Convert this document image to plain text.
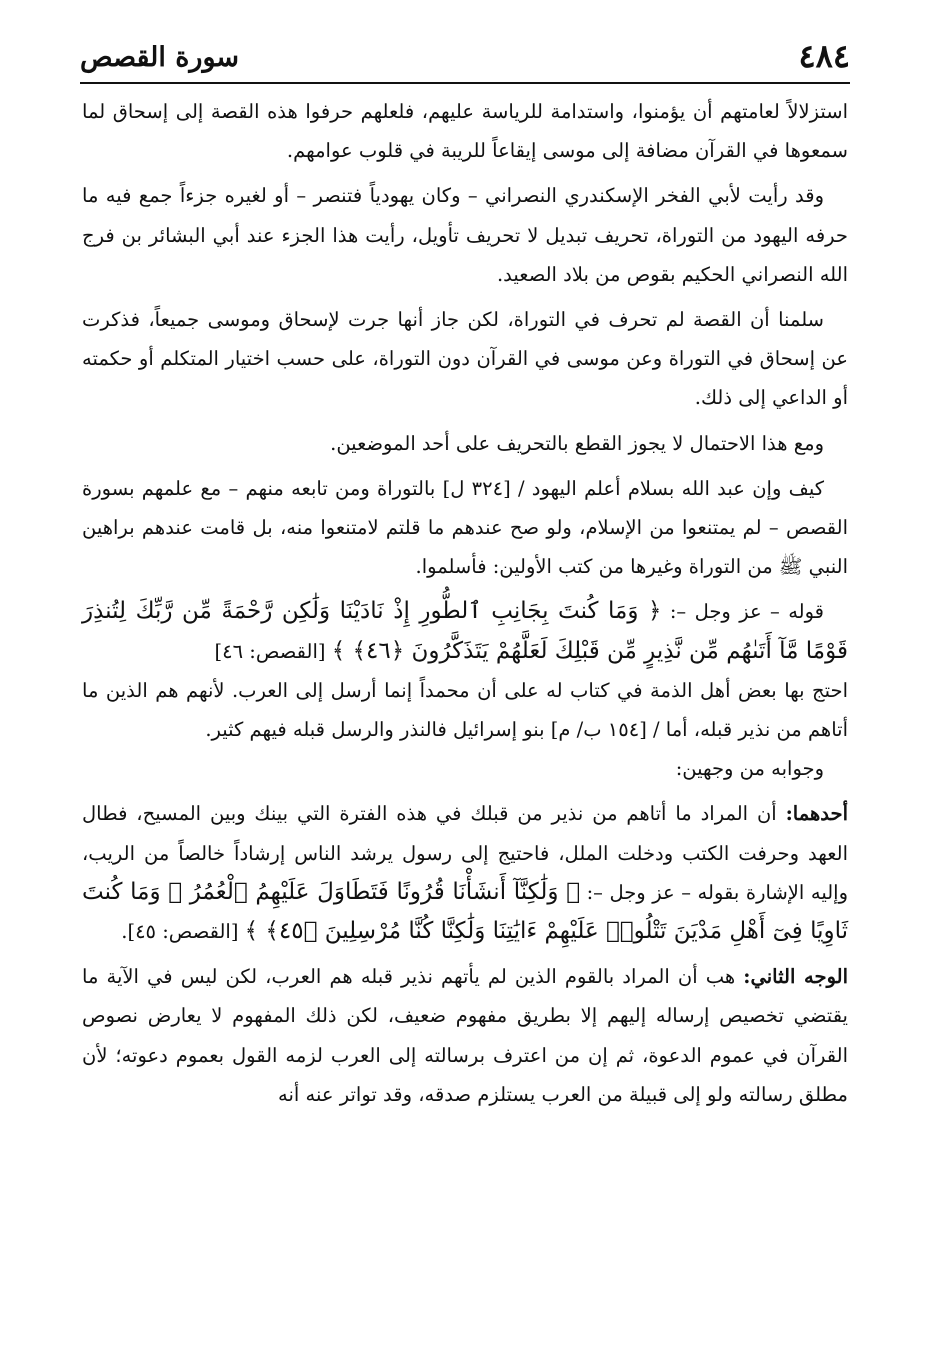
٤٨٤
سورة القصص

استزلالاً لعامتهم أن يؤمنوا، واستدامة للرياسة عليهم، فلعلهم حرفوا هذه القصة إلى إسحاق لما سمعوها في القرآن مضافة إلى موسى إيقاعاً للريبة في قلوب عوامهم.

وقد رأيت لأبي الفخر الإسكندري النصراني – وكان يهودياً فتنصر – أو لغيره جزءاً جمع فيه ما حرفه اليهود من التوراة، تحريف تبديل لا تحريف تأويل، رأيت هذا الجزء عند أبي البشائر بن فرج الله النصراني الحكيم بقوص من بلاد الصعيد.

سلمنا أن القصة لم تحرف في التوراة، لكن جاز أنها جرت لإسحاق وموسى جميعاً، فذكرت عن إسحاق في التوراة وعن موسى في القرآن دون التوراة، على حسب اختيار المتكلم أو حكمته أو الداعي إلى ذلك.

ومع هذا الاحتمال لا يجوز القطع بالتحريف على أحد الموضعين.

كيف وإن عبد الله بسلام أعلم اليهود / [٣٢٤ ل] بالتوراة ومن تابعه منهم – مع علمهم بسورة القصص – لم يمتنعوا من الإسلام، ولو صح عندهم ما قلتم لامتنعوا منه، بل قامت عندهم براهين النبي ﷺ من التوراة وغيرها من كتب الأولين: فأسلموا.

قوله – عز وجل –: ﴿ وَمَا كُنتَ بِجَانِبِ ٱلطُّورِ إِذْ نَادَيْنَا وَلَٰكِن رَّحْمَةً مِّن رَّبِّكَ لِتُنذِرَ قَوْمًا مَّآ أَتَىٰهُم مِّن نَّذِيرٍ مِّن قَبْلِكَ لَعَلَّهُمْ يَتَذَكَّرُونَ ﴿٤٦﴾ ﴾ [القصص: ٤٦]

احتج بها بعض أهل الذمة في كتاب له على أن محمداً إنما أرسل إلى العرب. لأنهم هم الذين ما أتاهم من نذير قبله، أما / [١٥٤ ب/ م] بنو إسرائيل فالنذر والرسل قبله فيهم كثير.

وجوابه من وجهين:

أحدهما: أن المراد ما أتاهم من نذير من قبلك في هذه الفترة التي بينك وبين المسيح، فطال العهد وحرفت الكتب ودخلت الملل، فاحتيج إلى رسول يرشد الناس إرشاداً خالصاً من الريب، وإليه الإشارة بقوله – عز وجل –: ﴿ وَلَٰكِنَّآ أَنشَأْنَا قُرُونًا فَتَطَاوَلَ عَلَيْهِمُ ٱلْعُمُرُ ۚ وَمَا كُنتَ ثَاوِيًا فِىٓ أَهْلِ مَدْيَنَ تَتْلُوا۟ عَلَيْهِمْ ءَايَٰتِنَا وَلَٰكِنَّا كُنَّا مُرْسِلِينَ ﴿٤٥﴾ ﴾ [القصص: ٤٥].

الوجه الثاني: هب أن المراد بالقوم الذين لم يأتهم نذير قبله هم العرب، لكن ليس في الآية ما يقتضي تخصيص إرساله إليهم إلا بطريق مفهوم ضعيف، لكن ذلك المفهوم لا يعارض نصوص القرآن في عموم الدعوة، ثم إن من اعترف برسالته إلى العرب لزمه القول بعموم دعوته؛ لأن مطلق رسالته ولو إلى قبيلة من العرب يستلزم صدقه، وقد تواتر عنه أنه
